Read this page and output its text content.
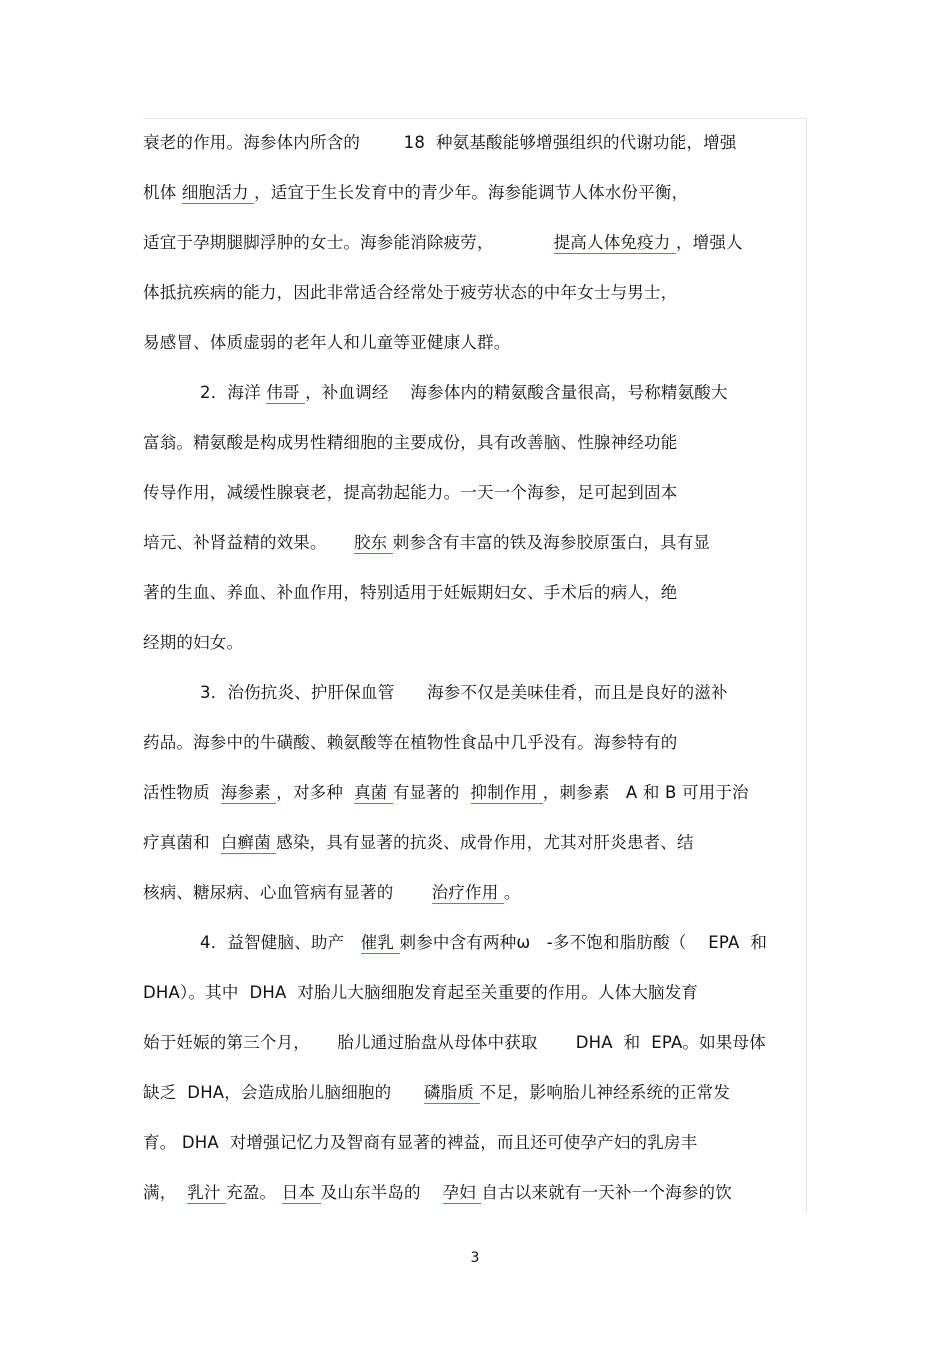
衰老的作用。海参体内所含的        18  种氨基酸能够增强组织的代谢功能，增强
机体 细胞活力 ，适宜于生长发育中的青少年。海参能调节人体水份平衡，
适宜于孕期腿脚浮肿的女士。海参能消除疲劳，           提高人体免疫力 ，增强人
体抵抗疾病的能力，因此非常适合经常处于疲劳状态的中年女士与男士，
易感冒、体质虚弱的老年人和儿童等亚健康人群。
2．海洋 伟哥 ，补血调经    海参体内的精氨酸含量很高，号称精氨酸大
富翁。精氨酸是构成男性精细胞的主要成份，具有改善脑、性腺神经功能
传导作用，减缓性腺衰老，提高勃起能力。一天一个海参，足可起到固本
培元、补肾益精的效果。     胶东 刺参含有丰富的铁及海参胶原蛋白，具有显
著的生血、养血、补血作用，特别适用于妊娠期妇女、手术后的病人，绝
经期的妇女。
3．治伤抗炎、护肝保血管      海参不仅是美味佳肴，而且是良好的滋补
药品。海参中的牛磺酸、赖氨酸等在植物性食品中几乎没有。海参特有的
活性物质  海参素 ，对多种  真菌 有显著的  抑制作用 ，刺参素   A 和 B 可用于治
疗真菌和  白癣菌 感染，具有显著的抗炎、成骨作用，尤其对肝炎患者、结
核病、糖尿病、心血管病有显著的       治疗作用 。
4．益智健脑、助产   催乳 刺参中含有两种ω   -多不饱和脂肪酸（    EPA  和
DHA）。其中  DHA  对胎儿大脑细胞发育起至关重要的作用。人体大脑发育
始于妊娠的第三个月，     胎儿通过胎盘从母体中获取       DHA  和  EPA。如果母体
缺乏  DHA，会造成胎儿脑细胞的      磷脂质 不足，影响胎儿神经系统的正常发
育。 DHA  对增强记忆力及智商有显著的裨益，而且还可使孕产妇的乳房丰
满，  乳汁 充盈。 日本 及山东半岛的    孕妇 自古以来就有一天补一个海参的饮
3
